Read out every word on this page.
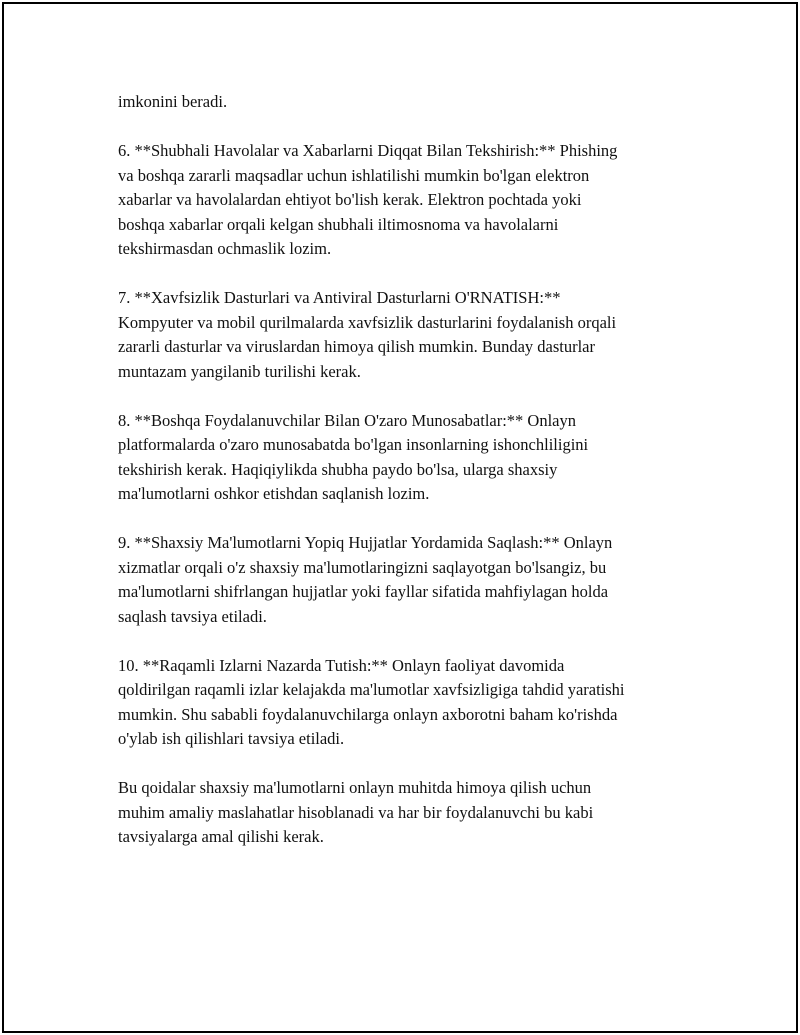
imkonini beradi.

6. **Shubhali Havolalar va Xabarlarni Diqqat Bilan Tekshirish:** Phishing
va boshqa zararli maqsadlar uchun ishlatilishi mumkin bo'lgan elektron
xabarlar va havolalardan ehtiyot bo'lish kerak. Elektron pochtada yoki
boshqa xabarlar orqali kelgan shubhali iltimosnoma va havolalarni
tekshirmasdan ochmaslik lozim.

7. **Xavfsizlik Dasturlari va Antiviral Dasturlarni O'RNATISH:**
Kompyuter va mobil qurilmalarda xavfsizlik dasturlarini foydalanish orqali
zararli dasturlar va viruslardan himoya qilish mumkin. Bunday dasturlar
muntazam yangilanib turilishi kerak.

8. **Boshqa Foydalanuvchilar Bilan O'zaro Munosabatlar:** Onlayn
platformalarda o'zaro munosabatda bo'lgan insonlarning ishonchliligini
tekshirish kerak. Haqiqiylikda shubha paydo bo'lsa, ularga shaxsiy
ma'lumotlarni oshkor etishdan saqlanish lozim.

9. **Shaxsiy Ma'lumotlarni Yopiq Hujjatlar Yordamida Saqlash:** Onlayn
xizmatlar orqali o'z shaxsiy ma'lumotlaringizni saqlayotgan bo'lsangiz, bu
ma'lumotlarni shifrlangan hujjatlar yoki fayllar sifatida mahfiylagan holda
saqlash tavsiya etiladi.

10. **Raqamli Izlarni Nazarda Tutish:** Onlayn faoliyat davomida
qoldirilgan raqamli izlar kelajakda ma'lumotlar xavfsizligiga tahdid yaratishi
mumkin. Shu sababli foydalanuvchilarga onlayn axborotni baham ko'rishda
o'ylab ish qilishlari tavsiya etiladi.

Bu qoidalar shaxsiy ma'lumotlarni onlayn muhitda himoya qilish uchun
muhim amaliy maslahatlar hisoblanadi va har bir foydalanuvchi bu kabi
tavsiyalarga amal qilishi kerak.
